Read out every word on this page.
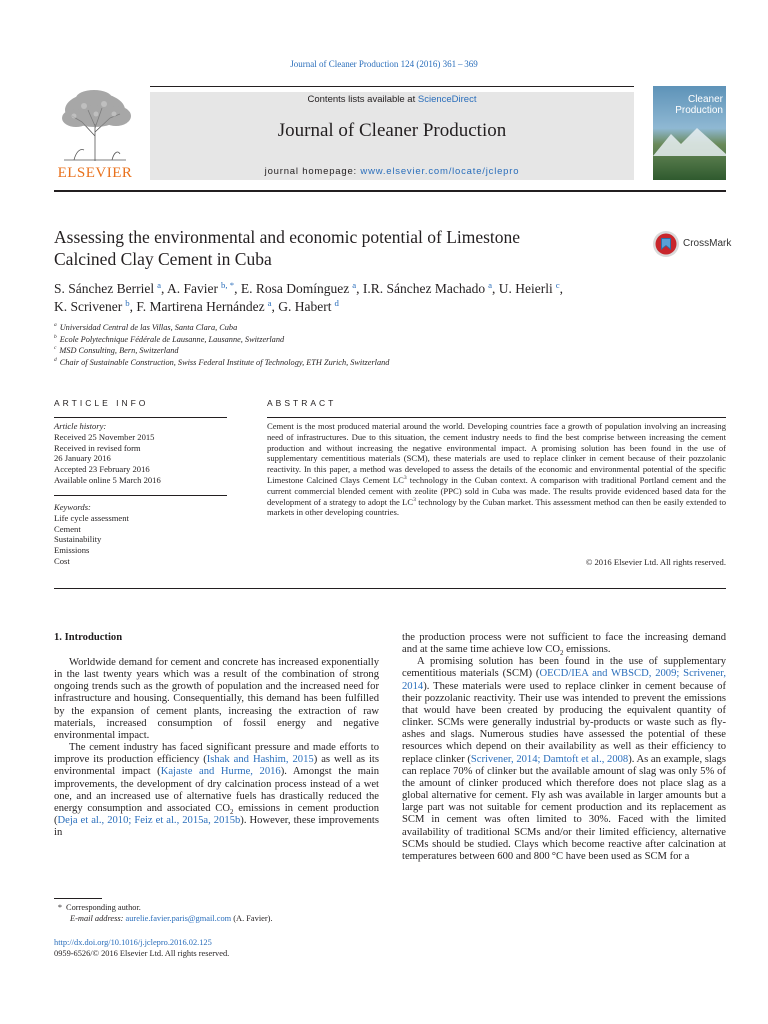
Journal of Cleaner Production 124 (2016) 361 – 369
ELSEVIER
Contents lists available at ScienceDirect
Journal of Cleaner Production
journal homepage: www.elsevier.com/locate/jclepro
Cleaner
Production
Assessing the environmental and economic potential of Limestone
Calcined Clay Cement in Cuba
CrossMark
S. Sánchez Berriel $^a$, A. Favier $^{b, *}$, E. Rosa Domínguez $^a$, I.R. Sánchez Machado $^a$, U. Heierli $^c$,
K. Scrivener $^b$, F. Martirena Hernández $^a$, G. Habert $^d$
$^a$ Universidad Central de las Villas, Santa Clara, Cuba
$^b$ Ecole Polytechnique Fédérale de Lausanne, Lausanne, Switzerland
$^c$ MSD Consulting, Bern, Switzerland
$^d$ Chair of Sustainable Construction, Swiss Federal Institute of Technology, ETH Zurich, Switzerland
ARTICLE INFO	ABSTRACT
Article history:
Received 25 November 2015
Received in revised form
26 January 2016
Accepted 23 February 2016
Available online 5 March 2016
Keywords:
Life cycle assessment
Cement
Sustainability
Emissions
Cost
Cement is the most produced material around the world. Developing countries face a growth of population involving an increasing need of infrastructures. Due to this situation, the cement industry needs to find the best comprise between increasing the cement production and without increasing the negative environmental impact. A promising solution has been found in the use of supplementary cementitious materials (SCM), these materials are used to replace clinker in cement because of their pozzolanic reactivity. In this paper, a method was developed to assess the details of the economic and environmental potential of the specific Limestone Calcined Clays Cement $LC^3$ technology in the Cuban context. A comparison with traditional Portland cement and the current commercial blended cement with zeolite (PPC) sold in Cuba was made. The results provide evidenced based data for the development of a strategy to adopt the $LC^3$ technology by the Cuban market. This assessment method can then be easily extended to markets in other developing countries.
© 2016 Elsevier Ltd. All rights reserved.
1. Introduction

Worldwide demand for cement and concrete has increased exponentially in the last twenty years which was a result of the combination of strong ongoing trends such as the growth of population and the increased need for infrastructure and housing. Consequentially, this demand has been fulfilled by the expansion of cement plants, increasing the extraction of raw materials, increased consumption of fossil energy and negative environmental impact.

The cement industry has faced significant pressure and made efforts to improve its production efficiency (Ishak and Hashim, 2015) as well as its environmental impact (Kajaste and Hurme, 2016). Amongst the main improvements, the development of dry calcination process instead of a wet one, and an increased use of alternative fuels has drastically reduced the energy consumption and associated $CO_2$ emissions in cement production (Deja et al., 2010; Feiz et al., 2015a, 2015b). However, these improvements in

the production process were not sufficient to face the increasing demand and at the same time achieve low $CO_2$ emissions.

A promising solution has been found in the use of supplementary cementitious materials (SCM) (OECD/IEA and WBSCD, 2009; Scrivener, 2014). These materials were used to replace clinker in cement because of their pozzolanic reactivity. Their use was intended to prevent the emissions that would have been created by producing the equivalent quantity of clinker. SCMs were generally industrial by-products or waste such as fly-ashes and slags. Numerous studies have assessed the potential of these resources which depend on their availability as well as their efficiency to replace clinker (Scrivener, 2014; Damtoft et al., 2008). As an example, slags can replace 70% of clinker but the available amount of slag was only 5% of the amount of clinker produced which therefore does not place slag as a global alternative for cement. Fly ash was available in larger amounts but a large part was not suitable for cement production and its replacement as SCM in cement was often limited to 30%. Faced with the limited availability of traditional SCMs and/or their limited efficiency, alternative SCMs should be studied. Clays which become reactive after calcination at temperatures between 600 and 800 °C have been used as SCM for a

* Corresponding author.
E-mail address: aurelie.favier.paris@gmail.com (A. Favier).
http://dx.doi.org/10.1016/j.jclepro.2016.02.125
0959-6526/© 2016 Elsevier Ltd. All rights reserved.
